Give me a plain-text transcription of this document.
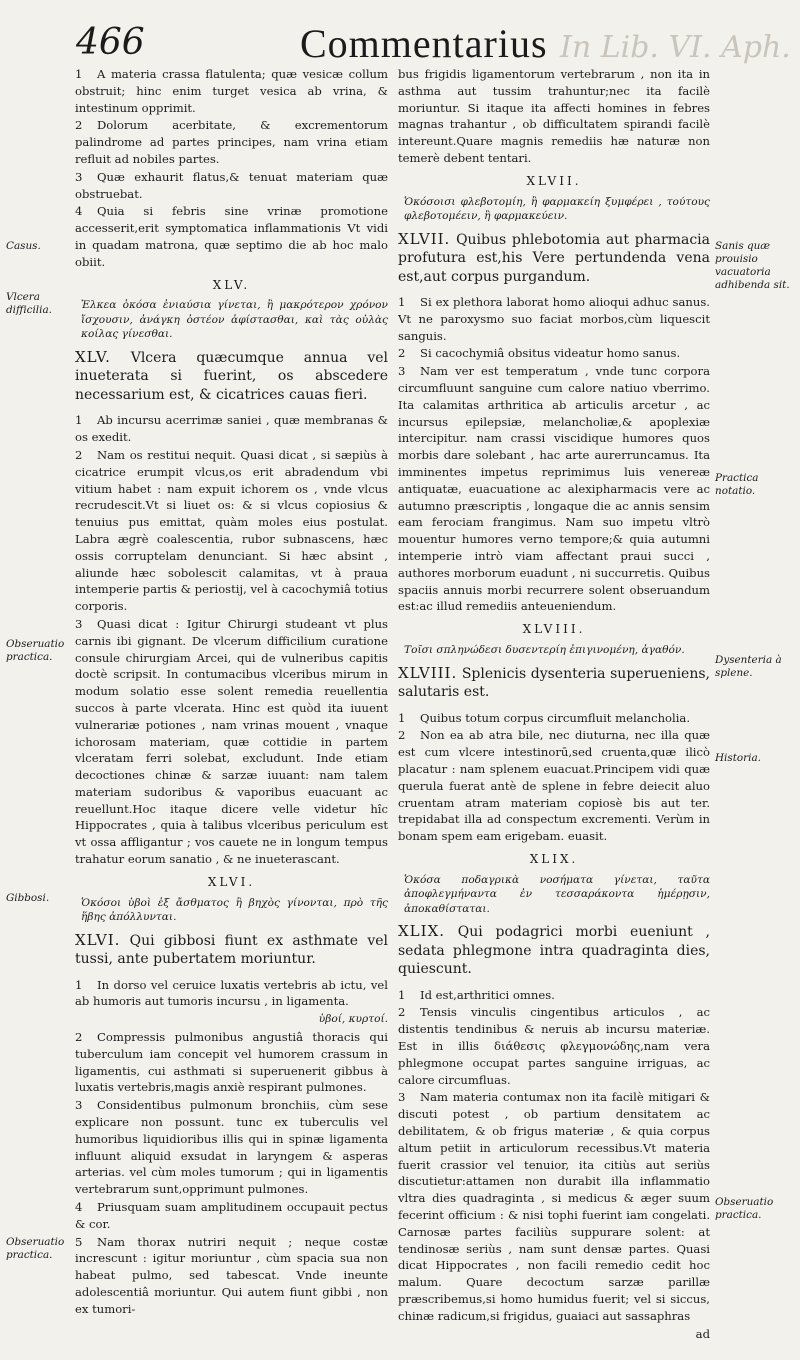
466	Commentarius In Lib. VI. Aph.
Casus.
Vlcera difficilia.
Obseruatio practica.
Gibbosi.
Obseruatio practica.
Sanis quæ prouisio vacuatoria adhibenda sit.
Practica notatio.
Dysenteria à splene.
Historia.
Obseruatio practica.

1 A materia crassa flatulenta; quæ vesicæ collum obstruit; hinc enim turget vesica ab vrina, & intestinum opprimit.

2 Dolorum acerbitate, & excrementorum palindrome ad partes principes, nam vrina etiam refluit ad nobiles partes.

3 Quæ exhaurit flatus,& tenuat materiam quæ obstruebat.

4 Quia si febris sine vrinæ promotione accesserit,erit symptomatica inflammationis Vt vidi in quadam matrona, quæ septimo die ab hoc malo obiit.

XLV.
Ἑλκεα ὁκόσα ἐνιαύσια γίνεται, ἢ μακρότερον χρόνον ἴσχουσιν, ἀνάγκη ὀστέον ἀφίστασθαι, καὶ τὰς οὐλὰς κοίλας γίνεσθαι.
XLV. Vlcera quæcumque annua vel inueterata si fuerint, os abscedere necessarium est, & cicatrices cauas fieri.

1 Ab incursu acerrimæ saniei , quæ membranas & os exedit.

2 Nam os restitui nequit. Quasi dicat , si sæpiùs à cicatrice erumpit vlcus,os erit abradendum vbi vitium habet : nam expuit ichorem os , vnde vlcus recrudescit.Vt si liuet os: & si vlcus copiosius & tenuius pus emittat, quàm moles eius postulat. Labra ægrè coalescentia, rubor subnascens, hæc ossis corruptelam denunciant. Si hæc absint , aliunde hæc sobolescit calamitas, vt à praua intemperie partis & periostij, vel à cacochymiâ totius corporis.

3 Quasi dicat : Igitur Chirurgi studeant vt plus carnis ibi gignant. De vlcerum difficilium curatione consule chirurgiam Arcei, qui de vulneribus capitis doctè scripsit. In contumacibus vlceribus mirum in modum solatio esse solent remedia reuellentia succos à parte vlcerata. Hinc est quòd ita iuuent vulnerariæ potiones , nam vrinas mouent , vnaque ichorosam materiam, quæ cottidie in partem vlceratam ferri solebat, excludunt. Inde etiam decoctiones chinæ & sarzæ iuuant: nam talem materiam sudoribus & vaporibus euacuant ac reuellunt.Hoc itaque dicere velle videtur hîc Hippocrates , quia à talibus vlceribus periculum est vt ossa affligantur ; vos cauete ne in longum tempus trahatur eorum sanatio , & ne inueterascant.

XLVI.
Ὁκόσοι ὑβοὶ ἐξ ἄσθματος ἢ βηχὸς γίνονται, πρὸ τῆς ἥβης ἀπόλλυνται.
XLVI. Qui gibbosi fiunt ex asthmate vel tussi, ante pubertatem moriuntur.

1 In dorso vel ceruice luxatis vertebris ab ictu, vel ab humoris aut tumoris incursu , in ligamenta.

ὑβοί, κυρτοί.

2 Compressis pulmonibus angustiâ thoracis qui tuberculum iam concepit vel humorem crassum in ligamentis, cui asthmati si superuenerit gibbus à luxatis vertebris,magis anxiè respirant pulmones.

3 Considentibus pulmonum bronchiis, cùm sese explicare non possunt. tunc ex tuberculis vel humoribus liquidioribus illis qui in spinæ ligamenta influunt aliquid exsudat in laryngem & asperas arterias. vel cùm moles tumorum ; qui in ligamentis vertebrarum sunt,opprimunt pulmones.

4 Priusquam suam amplitudinem occupauit pectus & cor.

5 Nam thorax nutriri nequit ; neque costæ increscunt : igitur moriuntur , cùm spacia sua non habeat pulmo, sed tabescat. Vnde ineunte adolescentiâ moriuntur. Qui autem fiunt gibbi , non ex tumori-

bus frigidis ligamentorum vertebrarum , non ita in asthma aut tussim trahuntur;nec ita facilè moriuntur. Si itaque ita affecti homines in febres magnas trahantur , ob difficultatem spirandi facilè intereunt.Quare magnis remediis hæ naturæ non temerè debent tentari.

XLVII.
Ὁκόσοισι φλεβοτομίη, ἢ φαρμακείη ξυμφέρει , τούτους φλεβοτομέειν, ἢ φαρμακεύειν.
XLVII. Quibus phlebotomia aut pharmacia profutura est,his Vere pertundenda vena est,aut corpus purgandum.

1 Si ex plethora laborat homo alioqui adhuc sanus. Vt ne paroxysmo suo faciat morbos,cùm liquescit sanguis.

2 Si cacochymiâ obsitus videatur homo sanus.

3 Nam ver est temperatum , vnde tunc corpora circumfluunt sanguine cum calore natiuo vberrimo. Ita calamitas arthritica ab articulis arcetur , ac incursus epilepsiæ, melancholiæ,& apoplexiæ intercipitur. nam crassi viscidique humores quos morbis dare solebant , hac arte aurerruncamus. Ita imminentes impetus reprimimus luis venereæ antiquatæ, euacuatione ac alexipharmacis vere ac autumno præscriptis , longaque die ac annis sensim eam ferociam frangimus. Nam suo impetu vltrò mouentur humores verno tempore;& quia autumni intemperie intrò viam affectant praui succi , authores morborum euadunt , ni succurretis. Quibus spaciis annuis morbi recurrere solent obseruandum est:ac illud remediis anteueniendum.

XLVIII.
Τοῖσι σπληνώδεσι δυσεντερίη ἐπιγινομένη, ἀγαθόν.
XLVIII. Splenicis dysenteria superueniens, salutaris est.

1 Quibus totum corpus circumfluit melancholia.

2 Non ea ab atra bile, nec diuturna, nec illa quæ est cum vlcere intestinorū,sed cruenta,quæ ilicò placatur : nam splenem euacuat.Principem vidi quæ querula fuerat antè de splene in febre deiecit aluo cruentam atram materiam copiosè bis aut ter. trepidabat illa ad conspectum excrementi. Verùm in bonam spem eam erigebam. euasit.

XLIX.
Ὁκόσα ποδαγρικὰ νοσήματα γίνεται, ταῦτα ἀποφλεγμήναντα ἐν τεσσαράκοντα ἡμέρῃσιν, ἀποκαθίσταται.
XLIX. Qui podagrici morbi eueniunt , sedata phlegmone intra quadraginta dies, quiescunt.

1 Id est,arthritici omnes.

2 Tensis vinculis cingentibus articulos , ac distentis tendinibus & neruis ab incursu materiæ. Est in illis διάθεσις φλεγμονώδης,nam vera phlegmone occupat partes sanguine irriguas, ac calore circumfluas.

3 Nam materia contumax non ita facilè mitigari & discuti potest , ob partium densitatem ac debilitatem, & ob frigus materiæ , & quia corpus altum petiit in articulorum recessibus.Vt materia fuerit crassior vel tenuior, ita citiùs aut seriùs discutietur:attamen non durabit illa inflammatio vltra dies quadraginta , si medicus & æger suum fecerint officium : & nisi tophi fuerint iam congelati. Carnosæ partes faciliùs suppurare solent: at tendinosæ seriùs , nam sunt densæ partes. Quasi dicat Hippocrates , non facili remedio cedit hoc malum. Quare decoctum sarzæ parillæ præscribemus,si homo humidus fuerit; vel si siccus, chinæ radicum,si frigidus, guaiaci aut sassaphras

ad
